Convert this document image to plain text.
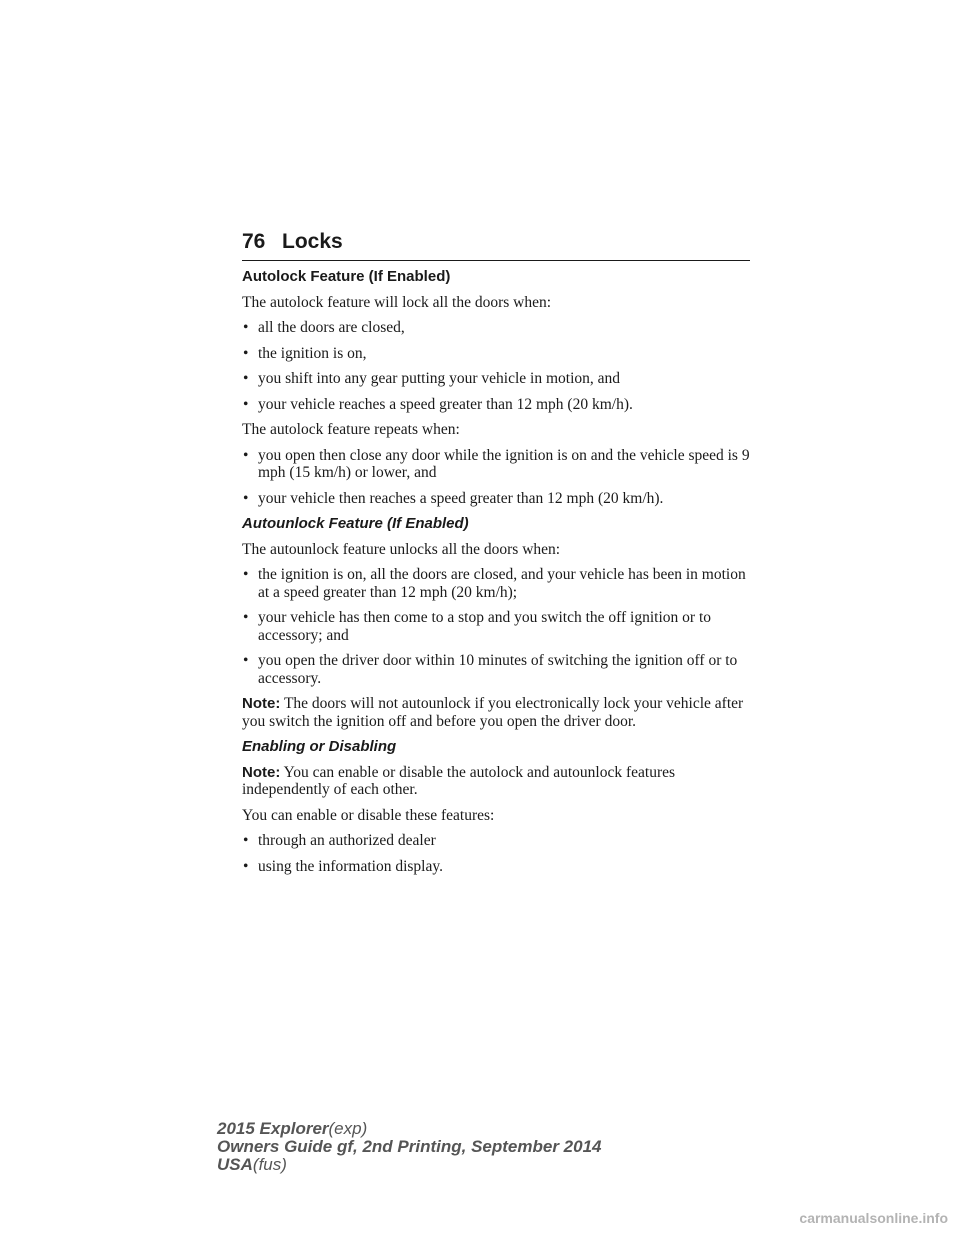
76 Locks
Autolock Feature (If Enabled)

The autolock feature will lock all the doors when:

• all the doors are closed,
• the ignition is on,
• you shift into any gear putting your vehicle in motion, and
• your vehicle reaches a speed greater than 12 mph (20 km/h).

The autolock feature repeats when:

• you open then close any door while the ignition is on and the vehicle speed is 9 mph (15 km/h) or lower, and
• your vehicle then reaches a speed greater than 12 mph (20 km/h).
Autounlock Feature (If Enabled)

The autounlock feature unlocks all the doors when:

• the ignition is on, all the doors are closed, and your vehicle has been in motion at a speed greater than 12 mph (20 km/h);
• your vehicle has then come to a stop and you switch the off ignition or to accessory; and
• you open the driver door within 10 minutes of switching the ignition off or to accessory.

Note: The doors will not autounlock if you electronically lock your vehicle after you switch the ignition off and before you open the driver door.

Enabling or Disabling

Note: You can enable or disable the autolock and autounlock features independently of each other.

You can enable or disable these features:

• through an authorized dealer
• using the information display.
2015 Explorer(exp)
Owners Guide gf, 2nd Printing, September 2014
USA(fus)
carmanualsonline.info
